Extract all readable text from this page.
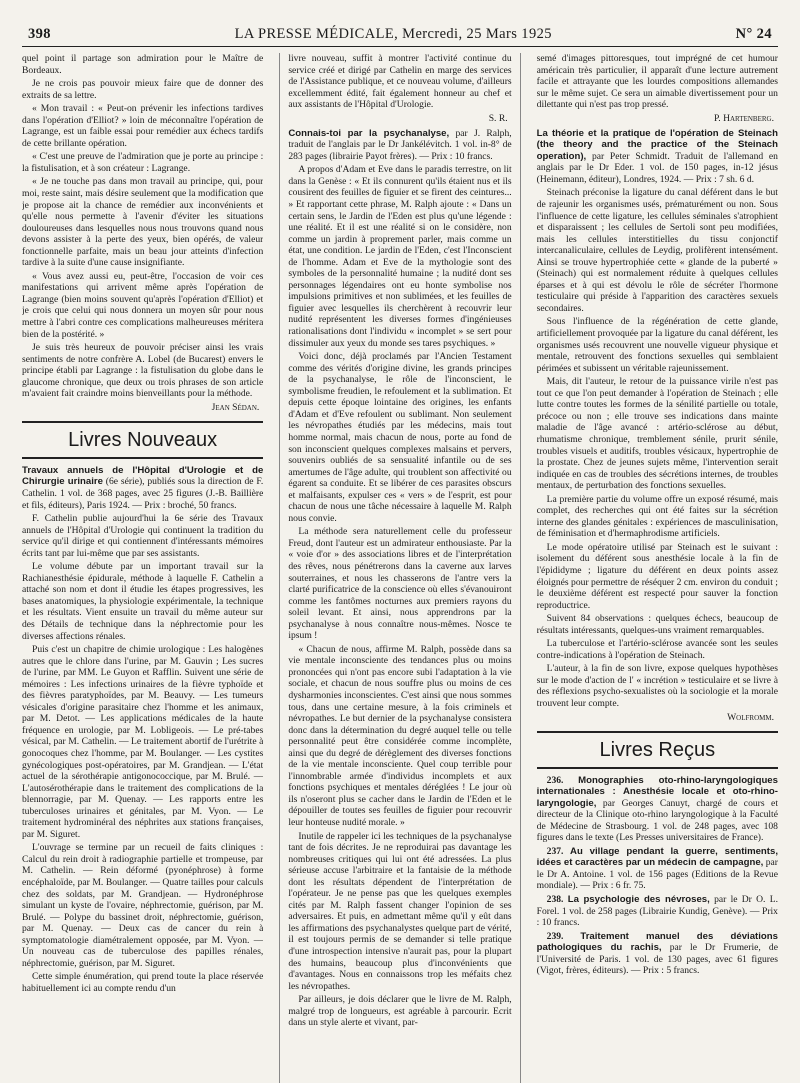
398	LA PRESSE MÉDICALE, Mercredi, 25 Mars 1925	N° 24

quel point il partage son admiration pour le Maître de Bordeaux.

Je ne crois pas pouvoir mieux faire que de donner des extraits de sa lettre.

« Mon travail : « Peut-on prévenir les infections tardives dans l'opération d'Elliot? » loin de méconnaître l'opération de Lagrange, est un faible essai pour remédier aux échecs tardifs de cette brillante opération.

« C'est une preuve de l'admiration que je porte au principe : la fistulisation, et à son créateur : Lagrange.

« Je ne touche pas dans mon travail au principe, qui, pour moi, reste saint, mais désire seulement que la modification que je propose ait la chance de remédier aux inconvénients et qu'elle nous permette à l'avenir d'éviter les situations douloureuses dans lesquelles nous nous trouvons quand nous devons assister à la perte des yeux, bien opérés, de valeur fonctionnelle parfaite, mais un beau jour atteints d'infection tardive à la suite d'une cause insignifiante.

« Vous avez aussi eu, peut-être, l'occasion de voir ces manifestations qui arrivent même après l'opération de Lagrange (bien moins souvent qu'après l'opération d'Elliot) et je crois que celui qui nous donnera un moyen sûr pour nous mettre à l'abri contre ces complications malheureuses méritera bien de la postérité. »

Je suis très heureux de pouvoir préciser ainsi les vrais sentiments de notre confrère A. Lobel (de Bucarest) envers le principe établi par Lagrange : la fistulisation du globe dans le glaucome chronique, que deux ou trois phrases de son article m'avaient fait craindre moins bienveillants pour la méthode.

Jean Sédan.
Livres Nouveaux

Travaux annuels de l'Hôpital d'Urologie et de Chirurgie urinaire (6e série), publiés sous la direction de F. Cathelin. 1 vol. de 368 pages, avec 25 figures (J.-B. Baillière et fils, éditeurs), Paris 1924. — Prix : broché, 50 francs.

F. Cathelin publie aujourd'hui la 6e série des Travaux annuels de l'Hôpital d'Urologie qui continuent la tradition du service qu'il dirige et qui contiennent d'intéressants mémoires écrits tant par lui-même que par ses assistants.

Le volume débute par un important travail sur la Rachianesthésie épidurale, méthode à laquelle F. Cathelin a attaché son nom et dont il étudie les étapes progressives, les bases anatomiques, la physiologie expérimentale, la technique et les résultats. Vient ensuite un travail du même auteur sur des Détails de technique dans la néphrectomie pour les diverses affections rénales.

Puis c'est un chapitre de chimie urologique : Les halogènes autres que le chlore dans l'urine, par M. Gauvin ; Les sucres de l'urine, par MM. Le Guyon et Rafflin. Suivent une série de mémoires : Les infections urinaires de la fièvre typhoïde et des fièvres paratyphoïdes, par M. Beauvy. — Les tumeurs vésicales d'origine parasitaire chez l'homme et les animaux, par M. Detot. — Les applications médicales de la haute fréquence en urologie, par M. Lobligeois. — Le pré-tabes vésical, par M. Cathelin. — Le traitement abortif de l'urétrite à gonocoques chez l'homme, par M. Boulanger. — Les cystites gynécologiques post-opératoires, par M. Grandjean. — L'état actuel de la sérothérapie antigonococcique, par M. Brulé. — L'autosérothérapie dans le traitement des complications de la blennorragie, par M. Quenay. — Les rapports entre les tuberculoses urinaires et génitales, par M. Vyon. — Le traitement hydrominéral des néphrites aux stations françaises, par M. Siguret.

L'ouvrage se termine par un recueil de faits cliniques : Calcul du rein droit à radiographie partielle et trompeuse, par M. Cathelin. — Rein déformé (pyonéphrose) à forme encéphaloïde, par M. Boulanger. — Quatre tailles pour calculs chez des soldats, par M. Grandjean. — Hydronéphrose simulant un kyste de l'ovaire, néphrectomie, guérison, par M. Brulé. — Polype du bassinet droit, néphrectomie, guérison, par M. Quenay. — Deux cas de cancer du rein à symptomatologie diamétralement opposée, par M. Vyon. — Un nouveau cas de tuberculose des papilles rénales, néphrectomie, guérison, par M. Siguret.

Cette simple énumération, qui prend toute la place réservée habituellement ici au compte rendu d'un

livre nouveau, suffit à montrer l'activité continue du service créé et dirigé par Cathelin en marge des services de l'Assistance publique, et ce nouveau volume, d'ailleurs excellemment édité, fait également honneur au chef et aux assistants de l'Hôpital d'Urologie.

S. R.

Connais-toi par la psychanalyse, par J. Ralph, traduit de l'anglais par le Dr Jankélévitch. 1 vol. in-8° de 283 pages (librairie Payot frères). — Prix : 10 francs.

A propos d'Adam et Eve dans le paradis terrestre, on lit dans la Genèse : « Et ils connurent qu'ils étaient nus et ils cousirent des feuilles de figuier et se firent des ceintures... » Et rapportant cette phrase, M. Ralph ajoute : « Dans un certain sens, le Jardin de l'Eden est plus qu'une légende : une réalité. Et il est une réalité si on le considère, non comme un jardin à proprement parler, mais comme un état, une condition. Le jardin de l'Eden, c'est l'Inconscient de l'homme. Adam et Eve de la mythologie sont des symboles de la personnalité humaine ; la nudité dont ses personnages légendaires ont eu honte symbolise nos impulsions primitives et non sublimées, et les feuilles de figuier avec lesquelles ils cherchèrent à recouvrir leur nudité représentent les diverses formes d'ingénieuses rationalisations dont l'individu « incomplet » se sert pour dissimuler aux yeux du monde ses tares psychiques. »

Voici donc, déjà proclamés par l'Ancien Testament comme des vérités d'origine divine, les grands principes de la psychanalyse, le rôle de l'inconscient, le symbolisme freudien, le refoulement et la sublimation. Et depuis cette époque lointaine des origines, les enfants d'Adam et d'Eve refoulent ou sublimant. Non seulement les névropathes étudiés par les médecins, mais tout homme normal, mais chacun de nous, porte au fond de son inconscient quelques complexes malsains et pervers, souvenirs oubliés de sa sensualité infantile ou de ses amertumes de l'âge adulte, qui troublent son affectivité ou égarent sa conduite. Et se libérer de ces parasites obscurs et malfaisants, expulser ces « vers » de l'esprit, est pour chacun de nous une tâche nécessaire à laquelle M. Ralph nous convie.

La méthode sera naturellement celle du professeur Freud, dont l'auteur est un admirateur enthousiaste. Par la « voie d'or » des associations libres et de l'interprétation des rêves, nous pénétrerons dans la caverne aux larves souterraines, et nous les chasserons de l'antre vers la clarté purificatrice de la conscience où elles s'évanouiront comme les fantômes nocturnes aux premiers rayons du soleil levant. Et ainsi, nous apprendrons par la psychanalyse à nous connaître nous-mêmes. Nosce te ipsum !

« Chacun de nous, affirme M. Ralph, possède dans sa vie mentale inconsciente des tendances plus ou moins prononcées qui n'ont pas encore subi l'adaptation à la vie sociale, et chacun de nous souffre plus ou moins de ces dysharmonies inconscientes. C'est ainsi que nous sommes tous, dans une certaine mesure, à la fois criminels et névropathes. Le but dernier de la psychanalyse consistera donc dans la détermination du degré auquel telle ou telle personnalité peut être considérée comme incomplète, ainsi que du degré de dérèglement des diverses fonctions de la vie mentale inconsciente. Quel coup terrible pour l'innombrable armée d'individus incomplets et aux fonctions psychiques et mentales déréglées ! Le jour où ils n'oseront plus se cacher dans le Jardin de l'Eden et le dépouiller de toutes ses feuilles de figuier pour recouvrir leur honteuse nudité morale. »

Inutile de rappeler ici les techniques de la psychanalyse tant de fois décrites. Je ne reproduirai pas davantage les nombreuses critiques qui lui ont été adressées. La plus sérieuse accuse l'arbitraire et la fantaisie de la méthode dont les résultats dépendent de l'interprétation de l'opérateur. Je ne pense pas que les quelques exemples cités par M. Ralph fassent changer l'opinion de ses adversaires. Et puis, en admettant même qu'il y eût dans les affirmations des psychanalystes quelque part de vérité, il est toujours permis de se demander si telle pratique d'une introspection intensive n'aurait pas, pour la plupart des humains, beaucoup plus d'inconvénients que d'avantages. Nous en connaissons trop les méfaits chez les névropathes.

Par ailleurs, je dois déclarer que le livre de M. Ralph, malgré trop de longueurs, est agréable à parcourir. Ecrit dans un style alerte et vivant, par-

semé d'images pittoresques, tout imprégné de cet humour américain très particulier, il apparaît d'une lecture autrement facile et attrayante que les lourdes compositions allemandes sur le même sujet. Ce sera un aimable divertissement pour un dilettante qui n'est pas trop pressé.

P. Hartenberg.

La théorie et la pratique de l'opération de Steinach (the theory and the practice of the Steinach operation), par Peter Schmidt. Traduit de l'allemand en anglais par le Dr Eder. 1 vol. de 150 pages, in-12 jésus (Heinemann, éditeur), Londres, 1924. — Prix : 7 sh. 6 d.

Steinach préconise la ligature du canal déférent dans le but de rajeunir les organismes usés, prématurément ou non. Sous l'influence de cette ligature, les cellules séminales s'atrophient et disparaissent ; les cellules de Sertoli sont peu modifiées, mais les cellules interstitielles du tissu conjonctif intercanaliculaire, cellules de Leydig, prolifèrent intensément. Ainsi se trouve hypertrophiée cette « glande de la puberté » (Steinach) qui est normalement réduite à quelques cellules éparses et à qui est dévolu le rôle de sécréter l'hormone testiculaire qui préside à l'apparition des caractères sexuels secondaires.

Sous l'influence de la régénération de cette glande, artificiellement provoquée par la ligature du canal déférent, les organismes usés recouvrent une nouvelle vigueur physique et mentale, retrouvent des fonctions sexuelles qui semblaient périmées et subissent un véritable rajeunissement.

Mais, dit l'auteur, le retour de la puissance virile n'est pas tout ce que l'on peut demander à l'opération de Steinach ; elle lutte contre toutes les formes de la sénilité partielle ou totale, précoce ou non ; elle trouve ses indications dans mainte maladie de l'âge avancé : artério-sclérose au début, rhumatisme chronique, tremblement sénile, prurit sénile, troubles visuels et auditifs, troubles vésicaux, hypertrophie de la prostate. Chez de jeunes sujets même, l'intervention serait indiquée en cas de troubles des sécrétions internes, de troubles mentaux, de perturbation des fonctions sexuelles.

La première partie du volume offre un exposé résumé, mais complet, des recherches qui ont été faites sur la sécrétion interne des glandes génitales : expériences de masculinisation, de féminisation et d'hermaphrodisme artificiels.

Le mode opératoire utilisé par Steinach est le suivant : isolement du déférent sous anesthésie locale à la fin de l'épididyme ; ligature du déférent en deux points assez éloignés pour permettre de réséquer 2 cm. environ du conduit ; le deuxième déférent est respecté pour sauver la fonction reproductrice.

Suivent 84 observations : quelques échecs, beaucoup de résultats intéressants, quelques-uns vraiment remarquables.

La tuberculose et l'artério-sclérose avancée sont les seules contre-indications à l'opération de Steinach.

L'auteur, à la fin de son livre, expose quelques hypothèses sur le mode d'action de l' « incrétion » testiculaire et se livre à des réflexions psycho-sexualistes où la sociologie et la morale trouvent leur compte.

Wolfromm.
Livres Reçus

236. Monographies oto-rhino-laryngologiques internationales : Anesthésie locale et oto-rhino-laryngologie, par Georges Canuyt, chargé de cours et directeur de la Clinique oto-rhino laryngologique à la Faculté de Médecine de Strasbourg. 1 vol. de 248 pages, avec 108 figures dans le texte (Les Presses universitaires de France).

237. Au village pendant la guerre, sentiments, idées et caractères par un médecin de campagne, par le Dr A. Antoine. 1 vol. de 156 pages (Editions de la Revue mondiale). — Prix : 6 fr. 75.

238. La psychologie des névroses, par le Dr O. L. Forel. 1 vol. de 258 pages (Librairie Kundig, Genève). — Prix : 10 francs.

239. Traitement manuel des déviations pathologiques du rachis, par le Dr Frumerie, de l'Université de Paris. 1 vol. de 130 pages, avec 61 figures (Vigot, frères, éditeurs). — Prix : 5 francs.
